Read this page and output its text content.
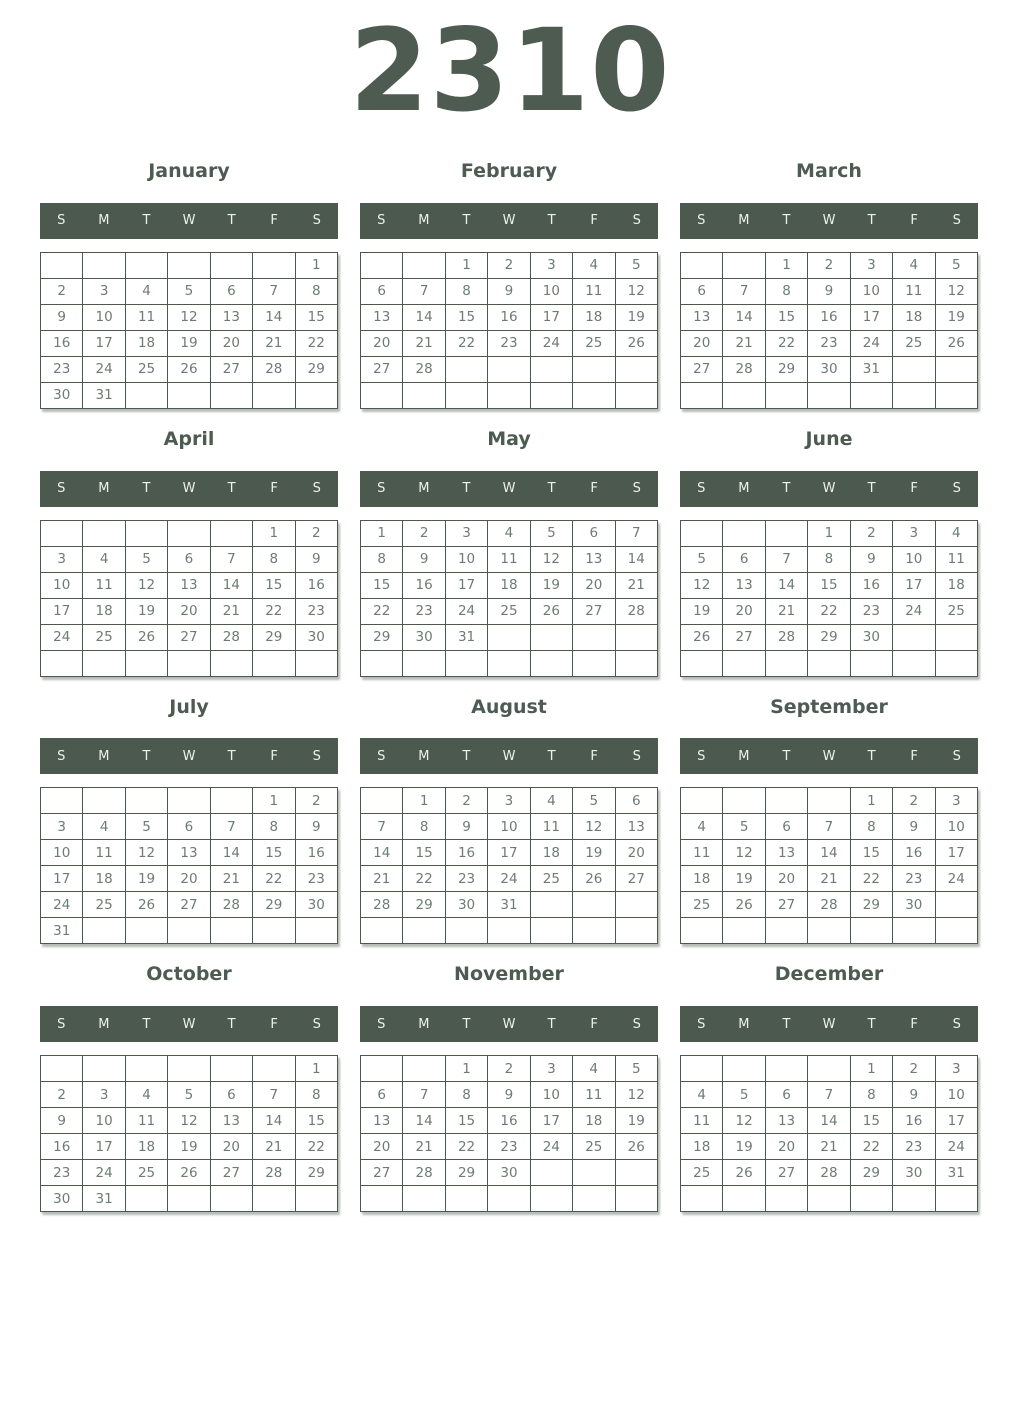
2310
January
S	M	T	W	T	F	S
						1
2	3	4	5	6	7	8
9	10	11	12	13	14	15
16	17	18	19	20	21	22
23	24	25	26	27	28	29
30	31					
February
S	M	T	W	T	F	S
		1	2	3	4	5
6	7	8	9	10	11	12
13	14	15	16	17	18	19
20	21	22	23	24	25	26
27	28					

March
S	M	T	W	T	F	S
		1	2	3	4	5
6	7	8	9	10	11	12
13	14	15	16	17	18	19
20	21	22	23	24	25	26
27	28	29	30	31		

April
S	M	T	W	T	F	S
					1	2
3	4	5	6	7	8	9
10	11	12	13	14	15	16
17	18	19	20	21	22	23
24	25	26	27	28	29	30

May
S	M	T	W	T	F	S
1	2	3	4	5	6	7
8	9	10	11	12	13	14
15	16	17	18	19	20	21
22	23	24	25	26	27	28
29	30	31				

June
S	M	T	W	T	F	S
			1	2	3	4
5	6	7	8	9	10	11
12	13	14	15	16	17	18
19	20	21	22	23	24	25
26	27	28	29	30		

July
S	M	T	W	T	F	S
					1	2
3	4	5	6	7	8	9
10	11	12	13	14	15	16
17	18	19	20	21	22	23
24	25	26	27	28	29	30
31						
August
S	M	T	W	T	F	S
	1	2	3	4	5	6
7	8	9	10	11	12	13
14	15	16	17	18	19	20
21	22	23	24	25	26	27
28	29	30	31			

September
S	M	T	W	T	F	S
				1	2	3
4	5	6	7	8	9	10
11	12	13	14	15	16	17
18	19	20	21	22	23	24
25	26	27	28	29	30	

October
S	M	T	W	T	F	S
						1
2	3	4	5	6	7	8
9	10	11	12	13	14	15
16	17	18	19	20	21	22
23	24	25	26	27	28	29
30	31					
November
S	M	T	W	T	F	S
		1	2	3	4	5
6	7	8	9	10	11	12
13	14	15	16	17	18	19
20	21	22	23	24	25	26
27	28	29	30			

December
S	M	T	W	T	F	S
				1	2	3
4	5	6	7	8	9	10
11	12	13	14	15	16	17
18	19	20	21	22	23	24
25	26	27	28	29	30	31
